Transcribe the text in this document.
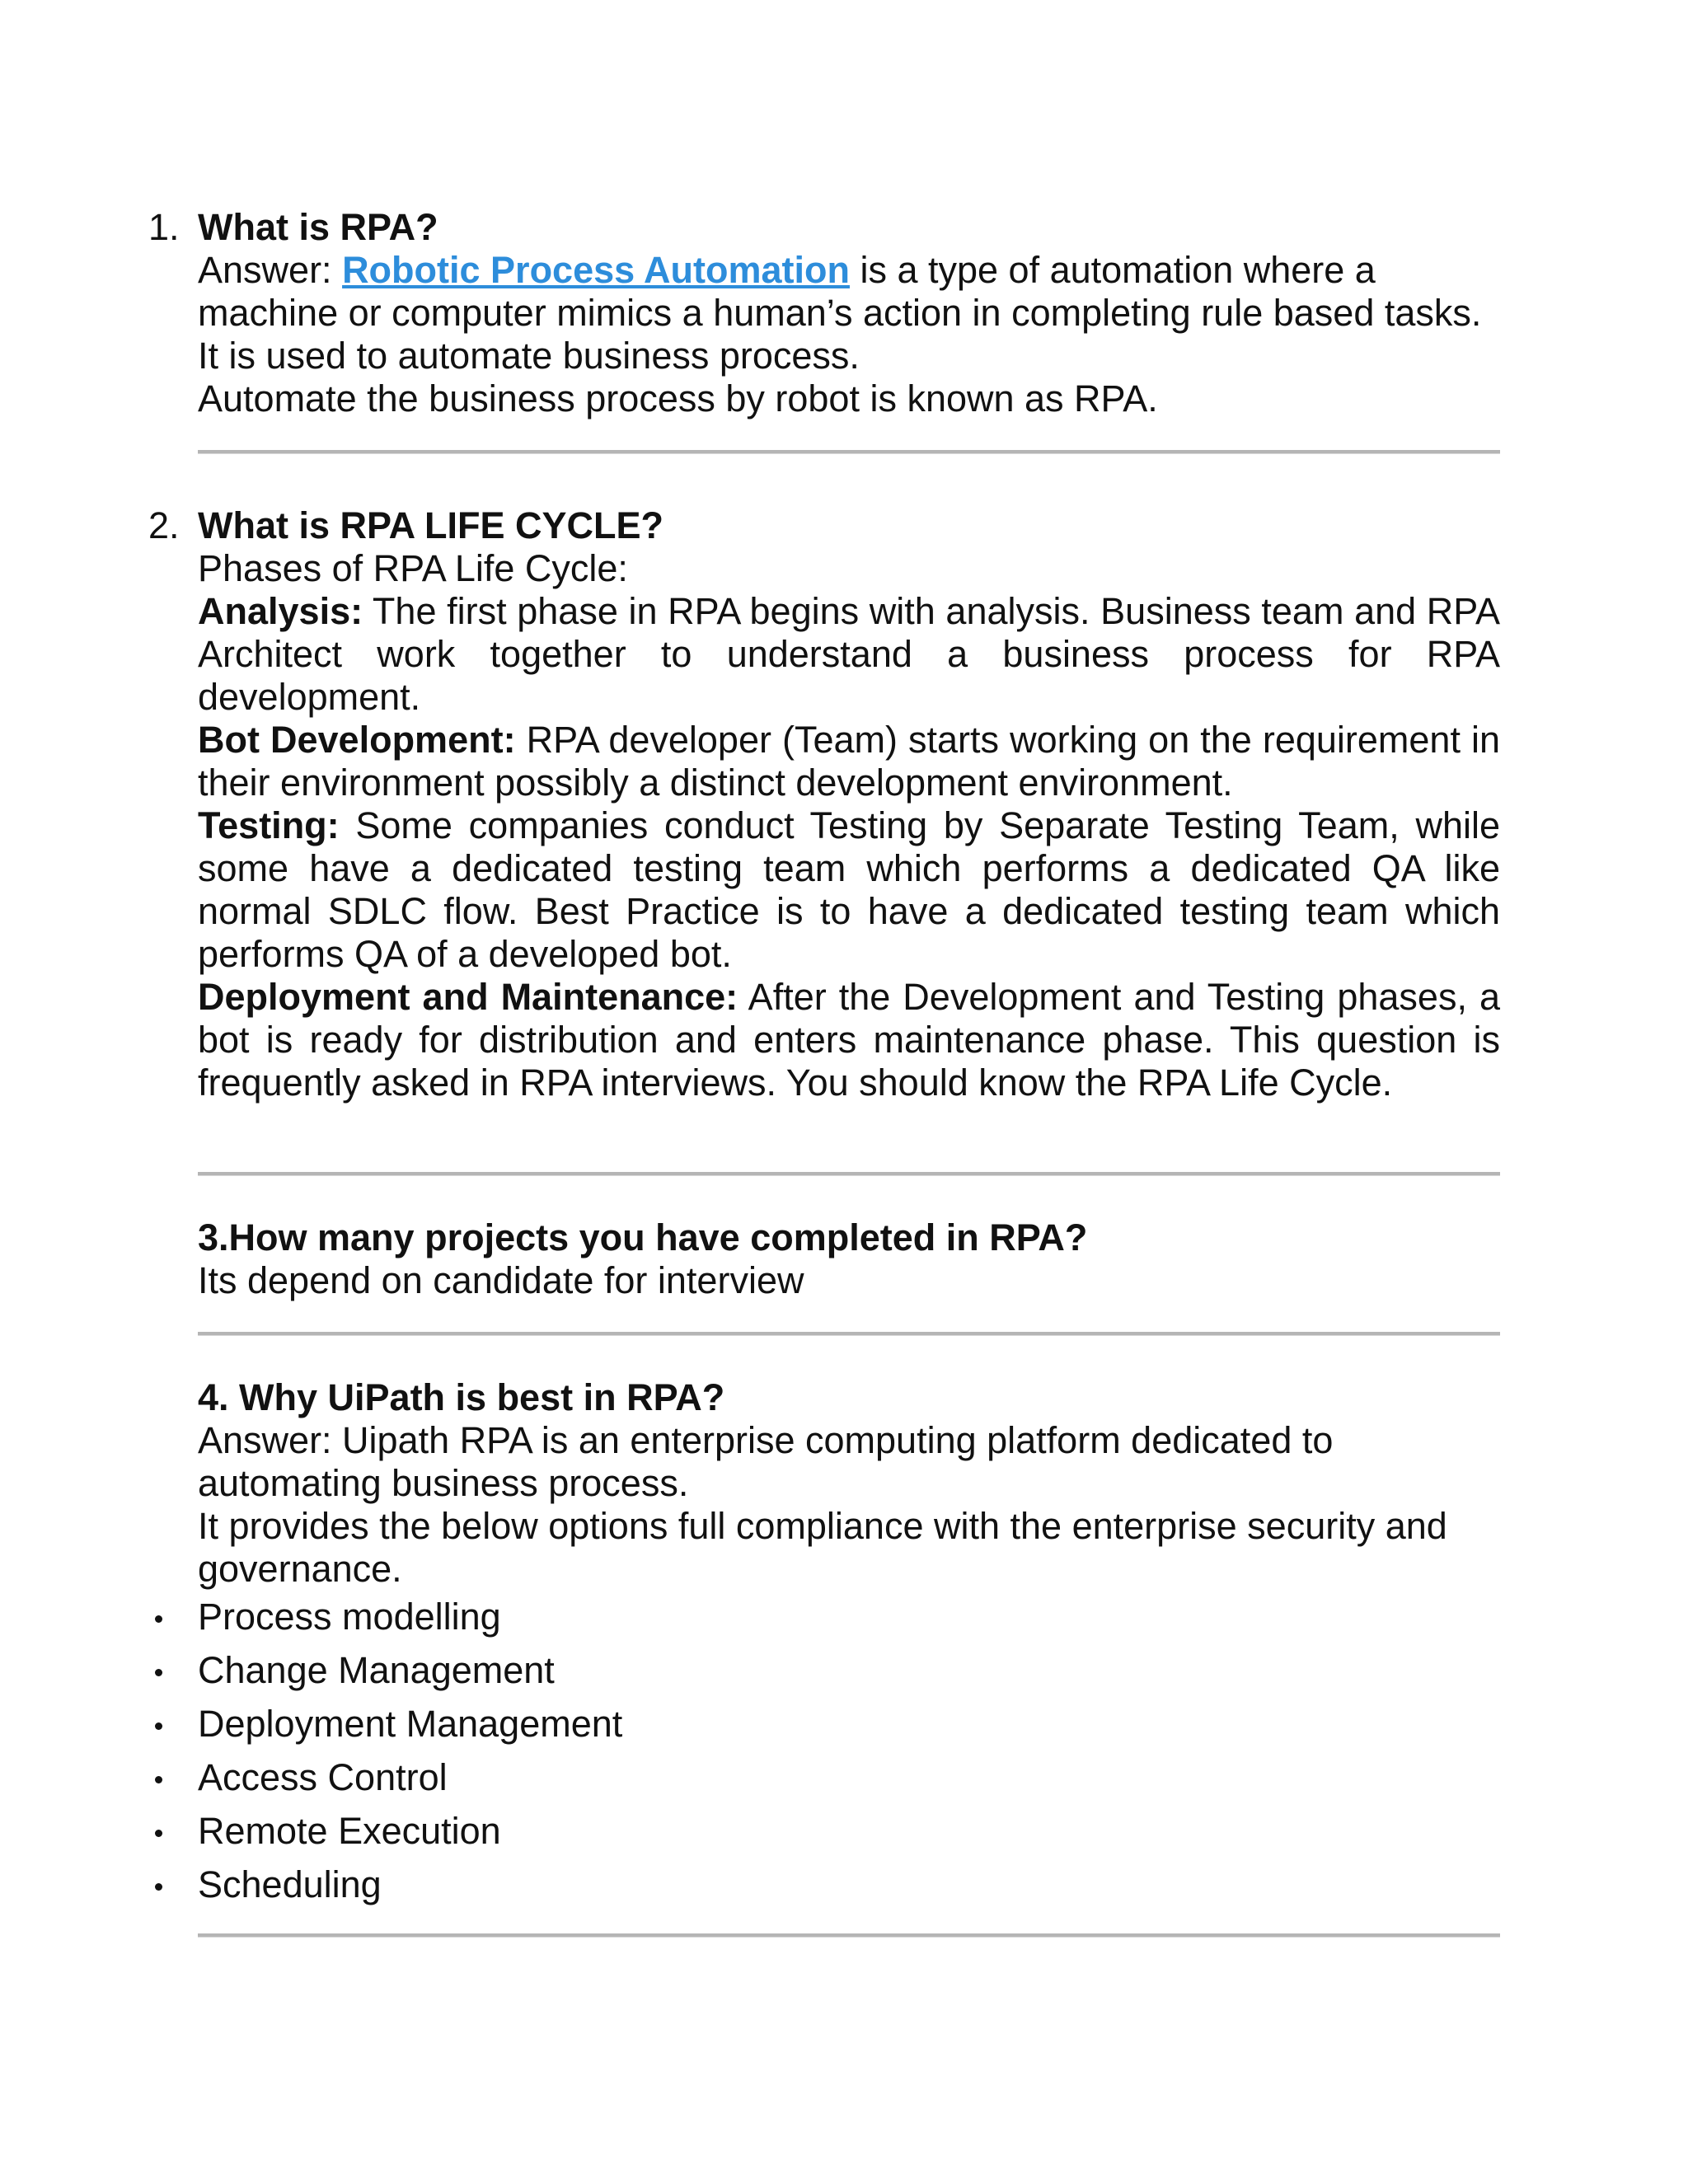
1. What is RPA?
Answer: Robotic Process Automation is a type of automation where a
machine or computer mimics a human’s action in completing rule based tasks.
It is used to automate business process.
Automate the business process by robot is known as RPA.
2. What is RPA LIFE CYCLE?
Phases of RPA Life Cycle:
Analysis: The first phase in RPA begins with analysis. Business team and RPA Architect work together to understand a business process for RPA development.
Bot Development: RPA developer (Team) starts working on the requirement in their environment possibly a distinct development environment.
Testing: Some companies conduct Testing by Separate Testing Team, while some have a dedicated testing team which performs a dedicated QA like normal SDLC flow. Best Practice is to have a dedicated testing team which performs QA of a developed bot.
Deployment and Maintenance: After the Development and Testing phases, a bot is ready for distribution and enters maintenance phase. This question is frequently asked in RPA interviews. You should know the RPA Life Cycle.
3.How many projects you have completed in RPA?
Its depend on candidate for interview
4. Why UiPath is best in RPA?
Answer: Uipath RPA is an enterprise computing platform dedicated to
automating business process.
It provides the below options full compliance with the enterprise security and
governance.
Process modelling
Change Management
Deployment Management
Access Control
Remote Execution
Scheduling
